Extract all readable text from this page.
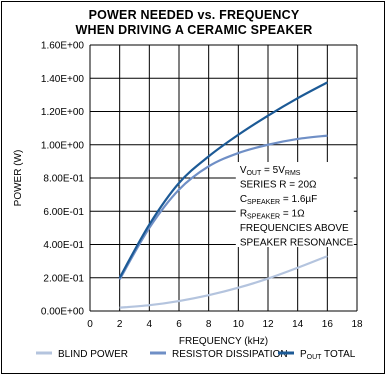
POWER NEEDED vs. FREQUENCY
WHEN DRIVING A CERAMIC SPEAKER
0 2 4 6 8 10 12 14 16 18
0.00E+00
2.00E-01
4.00E-01
6.00E-01
8.00E-01
1.00E+00
1.20E+00
1.40E+00
1.60E+00
$V_{OUT} = 5V_{RMS}$
SERIES R = 20Ω
$C_{SPEAKER} = 1.6\mu F$
$R_{SPEAKER} = 1\Omega$
FREQUENCIES ABOVE
SPEAKER RESONANCE
FREQUENCY (kHz)
POWER (W)
BLIND POWER	RESISTOR DISSIPATION $P_{OUT}$ TOTAL
